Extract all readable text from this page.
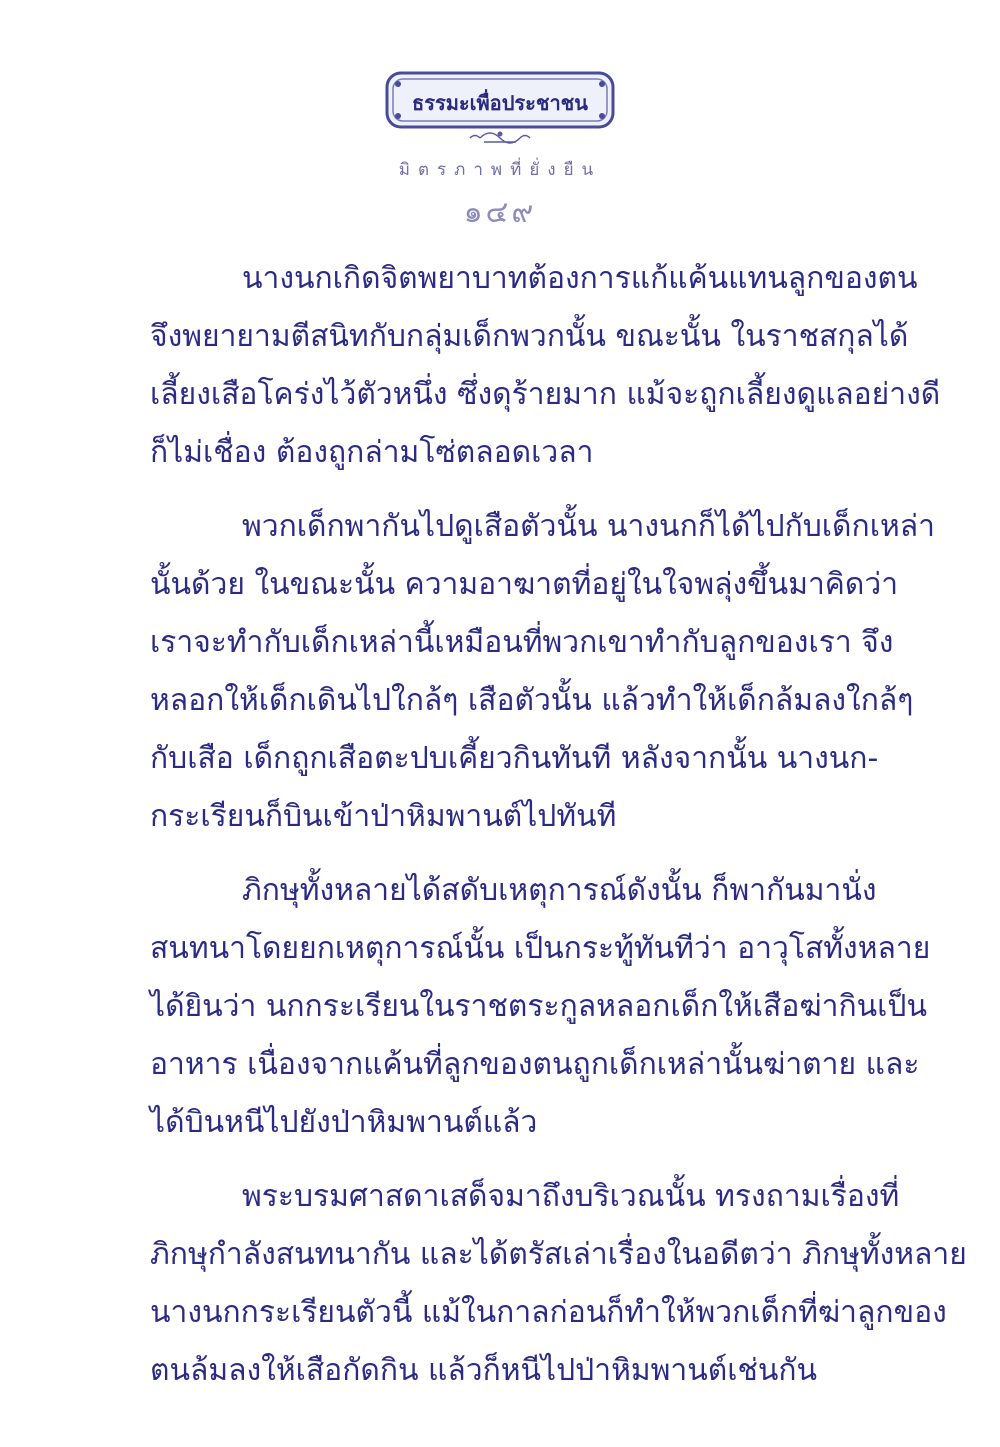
ธรรมะเพื่อประชาชน
มิตรภาพที่ยั่งยืน
๑๔๙

นางนกเกิดจิตพยาบาทต้องการแก้แค้นแทนลูกของตน
จึงพยายามตีสนิทกับกลุ่มเด็กพวกนั้น ขณะนั้น ในราชสกุลได้
เลี้ยงเสือโคร่งไว้ตัวหนึ่ง ซึ่งดุร้ายมาก แม้จะถูกเลี้ยงดูแลอย่างดี
ก็ไม่เชื่อง ต้องถูกล่ามโซ่ตลอดเวลา

พวกเด็กพากันไปดูเสือตัวนั้น นางนกก็ได้ไปกับเด็กเหล่า
นั้นด้วย ในขณะนั้น ความอาฆาตที่อยู่ในใจพลุ่งขึ้นมาคิดว่า
เราจะทำกับเด็กเหล่านี้เหมือนที่พวกเขาทำกับลูกของเรา จึง
หลอกให้เด็กเดินไปใกล้ๆ เสือตัวนั้น แล้วทำให้เด็กล้มลงใกล้ๆ
กับเสือ เด็กถูกเสือตะปบเคี้ยวกินทันที หลังจากนั้น นางนก-
กระเรียนก็บินเข้าป่าหิมพานต์ไปทันที

ภิกษุทั้งหลายได้สดับเหตุการณ์ดังนั้น ก็พากันมานั่ง
สนทนาโดยยกเหตุการณ์นั้น เป็นกระทู้ทันทีว่า อาวุโสทั้งหลาย
ได้ยินว่า นกกระเรียนในราชตระกูลหลอกเด็กให้เสือฆ่ากินเป็น
อาหาร เนื่องจากแค้นที่ลูกของตนถูกเด็กเหล่านั้นฆ่าตาย และ
ได้บินหนีไปยังป่าหิมพานต์แล้ว

พระบรมศาสดาเสด็จมาถึงบริเวณนั้น ทรงถามเรื่องที่
ภิกษุกำลังสนทนากัน และได้ตรัสเล่าเรื่องในอดีตว่า ภิกษุทั้งหลาย
นางนกกระเรียนตัวนี้ แม้ในกาลก่อนก็ทำให้พวกเด็กที่ฆ่าลูกของ
ตนล้มลงให้เสือกัดกิน แล้วก็หนีไปป่าหิมพานต์เช่นกัน
